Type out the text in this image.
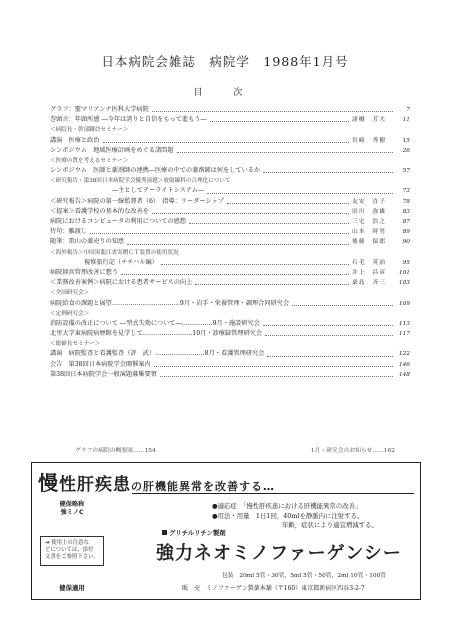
日本病院会雑誌　病院学　1988年1月号
目 次
グラフ：聖マリアンナ医科大学病院	7
巻頭言：年頭所感 ―今年は誇りと自信をもって進もう―	諸橋　芳夫	11
＜病院長・幹部職員セミナー＞
講演　医療と政治	宮崎　秀樹	15
シンポジウム　地域医療計画をめぐる諸問題	26
＜医療の質を考えるセミナー＞
シンポジウム　医師と薬剤師の連携―医療の中での薬剤師は何をしているか	57
＜研究報告・第38回日本病院学会優秀演題＞放射線科の合理化について
―主としてテーライトシステム―	73
＜研究報告＞病院の第一線監督者（6）　指導：リーダーシップ	友安　直子	78
＜提案＞看護学校の基本的な改善を	田川　弥雄	83
病院におけるコンピュータの利用についての感想	三宅　浩之	87
侍句：雁渡し	山本　時男	89
随筆：雷山の薬売りの知恵	後藤　保郎	90
＜海外報告＞中国黒龍江省寄贈ＣＴ装置の使用状況
視察旅行記（チチハル編）	石毛　英治	95
病院経営管理改善に想う	井上　昌彦	101
＜業務改善案例＞病院における患者サービスの向上	桑島　斉三	103
＜全国研究会＞
病院給食の課題と展望……………………………9月・岩手・栄養管理・調理合同研究会	109
＜定例研究会＞
消防設備の改正について ―型式失効について―……………9月・施設研究会	113
北里大学東病院病歴館を見学して……………………10月・診療録管理研究会	117
＜総婦長セミナー＞
講演　病院監査と看護監査（評　武）……………………8月・看護管理研究会	122
会告　第38回日本病院学会開催案内	146
第38回日本病院学会一般演題募集要領	148
グラフの病院の概要図……154	1月・研究会のお知らせ……162
慢性肝疾患の肝機能異常を改善する…
健保略称
強ミノC
➜ 使用上の注意な
どについては，添付
文書をご参照下さい。
健保適用
●適応症　「慢性肝疾患における肝機能異常の改善」
●用法・用量　1日1回，40mlを静脈内に注射する。
年齢，症状により適宜増減する。
グリチルリチン製剤
強力ネオミノファーゲンシー
包装　20ml 5管・30管，5ml 5管・50管，2ml 10管・100管
販　売　ミノファーゲン製薬本舗（〒160）東京都新宿区四谷3-2-7
